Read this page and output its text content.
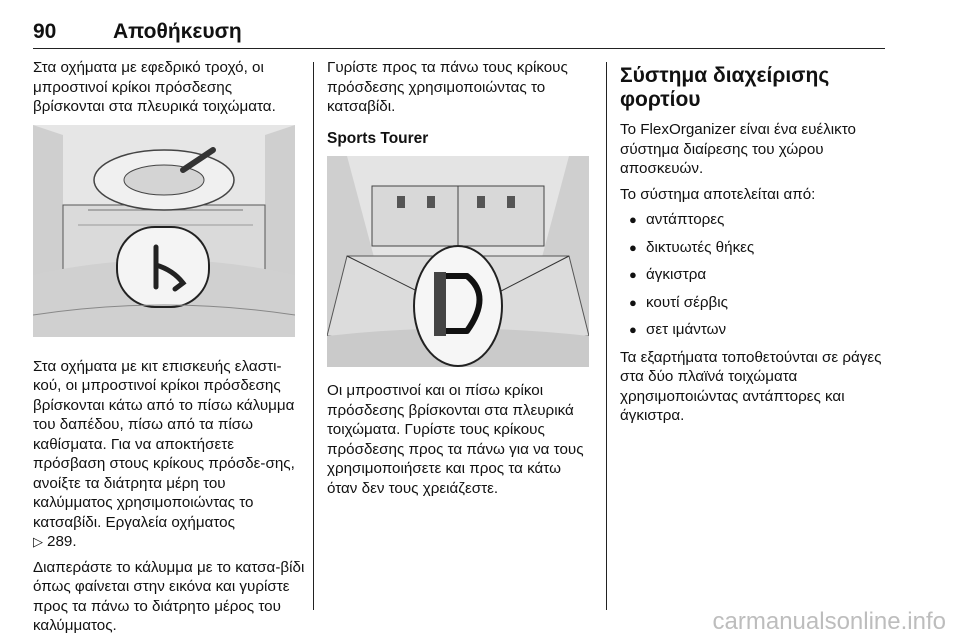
90	Αποθήκευση

Στα οχήματα με εφεδρικό τροχό, οι μπροστινοί κρίκοι πρόσδεσης βρίσκονται στα πλευρικά τοιχώματα.

Στα οχήματα με κιτ επισκευής ελαστι-κού, οι μπροστινοί κρίκοι πρόσδεσης βρίσκονται κάτω από το πίσω κάλυμμα του δαπέδου, πίσω από τα πίσω καθίσματα. Για να αποκτήσετε πρόσβαση στους κρίκους πρόσδε-σης, ανοίξτε τα διάτρητα μέρη του καλύμματος χρησιμοποιώντας το κατσαβίδι. Εργαλεία οχήματος
▷ 289.

Διαπεράστε το κάλυμμα με το κατσα-βίδι όπως φαίνεται στην εικόνα και γυρίστε προς τα πάνω το διάτρητο μέρος του καλύμματος.

Γυρίστε προς τα πάνω τους κρίκους πρόσδεσης χρησιμοποιώντας το κατσαβίδι.

Sports Tourer

Οι μπροστινοί και οι πίσω κρίκοι πρόσδεσης βρίσκονται στα πλευρικά τοιχώματα. Γυρίστε τους κρίκους πρόσδεσης προς τα πάνω για να τους χρησιμοποιήσετε και προς τα κάτω όταν δεν τους χρειάζεστε.

Σύστημα διαχείρισης φορτίου

Το FlexOrganizer είναι ένα ευέλικτο σύστημα διαίρεσης του χώρου αποσκευών.

Το σύστημα αποτελείται από:

● αντάπτορες
● δικτυωτές θήκες
● άγκιστρα
● κουτί σέρβις
● σετ ιμάντων

Τα εξαρτήματα τοποθετούνται σε ράγες στα δύο πλαϊνά τοιχώματα χρησιμοποιώντας αντάπτορες και άγκιστρα.

carmanualsonline.info
